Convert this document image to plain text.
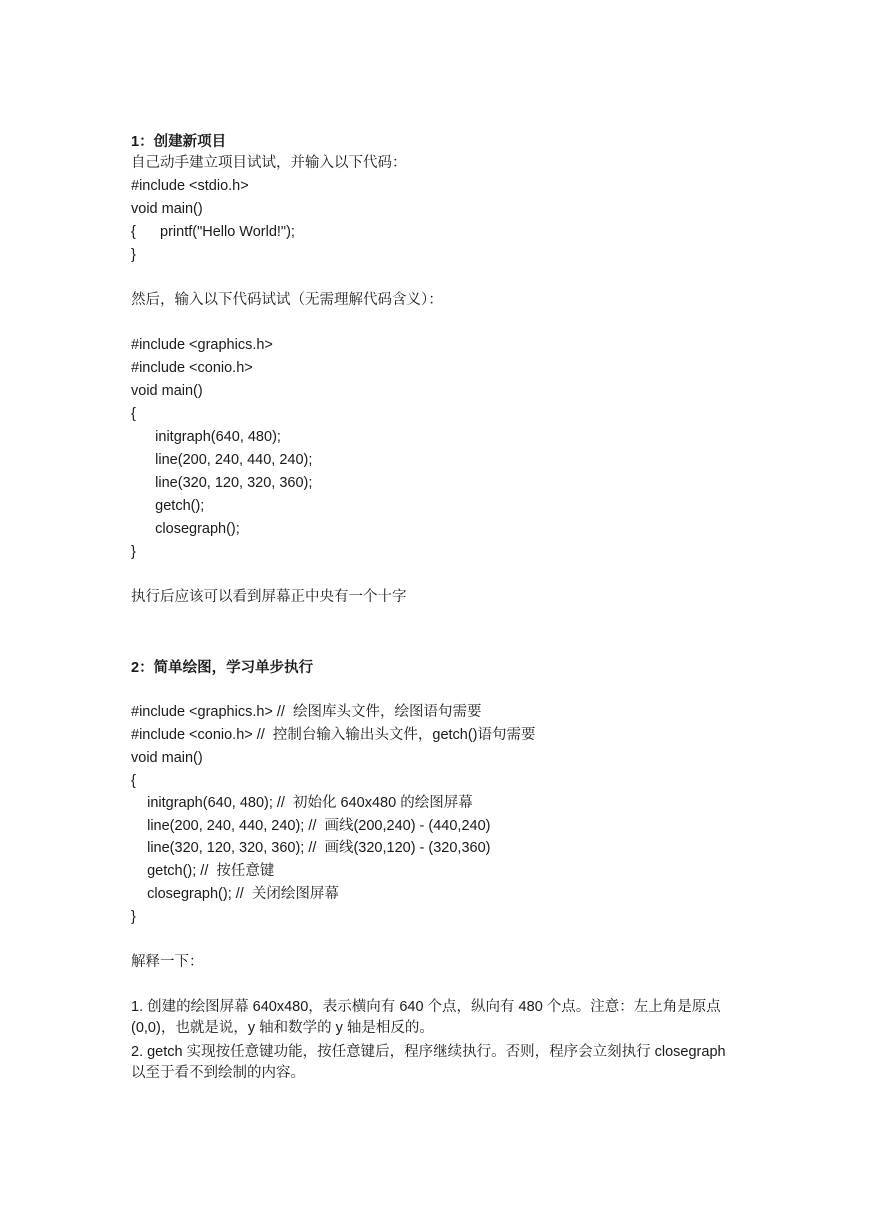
1：创建新项目
自己动手建立项目试试，并输入以下代码：
#include <stdio.h>
void main()
{      printf("Hello World!");
}
然后，输入以下代码试试（无需理解代码含义）：
#include <graphics.h>
#include <conio.h>
void main()
{
initgraph(640, 480);
line(200, 240, 440, 240);
line(320, 120, 320, 360);
getch();
closegraph();
}
执行后应该可以看到屏幕正中央有一个十字
2：简单绘图，学习单步执行
#include <graphics.h> //  绘图库头文件，绘图语句需要
#include <conio.h> //  控制台输入输出头文件，getch()语句需要
void main()
{
initgraph(640, 480); //  初始化 640x480 的绘图屏幕
line(200, 240, 440, 240); //  画线(200,240) - (440,240)
line(320, 120, 320, 360); //  画线(320,120) - (320,360)
getch(); //  按任意键
closegraph(); //  关闭绘图屏幕
}
解释一下：
1. 创建的绘图屏幕 640x480，表示横向有 640 个点，纵向有 480 个点。注意：左上角是原点(0,0)，也就是说，y 轴和数学的 y 轴是相反的。
2. getch 实现按任意键功能，按任意键后，程序继续执行。否则，程序会立刻执行 closegraph 以至于看不到绘制的内容。
